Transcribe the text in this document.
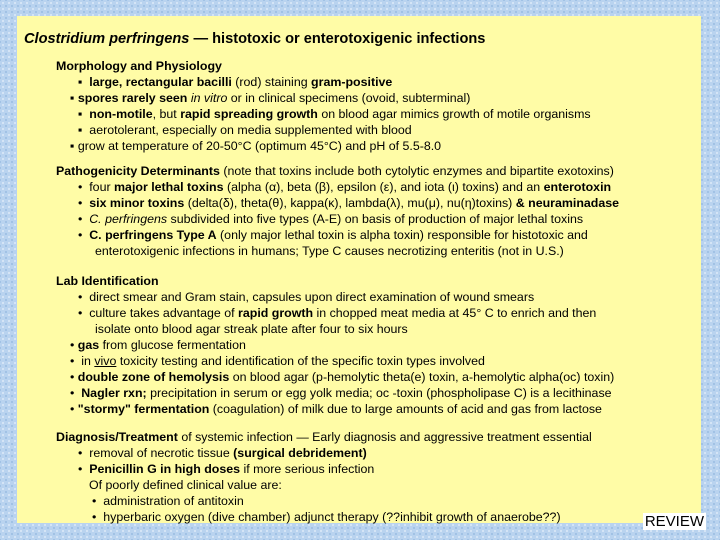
Clostridium perfringens — histotoxic or enterotoxigenic infections
Morphology and Physiology
▪ large, rectangular bacilli (rod) staining gram-positive
▪ spores rarely seen in vitro or in clinical specimens (ovoid, subterminal)
▪ non-motile, but rapid spreading growth on blood agar mimics growth of motile organisms
▪ aerotolerant, especially on media supplemented with blood
▪ grow at temperature of 20-50°C (optimum 45°C) and pH of 5.5-8.0
Pathogenicity Determinants (note that toxins include both cytolytic enzymes and bipartite exotoxins)
• four major lethal toxins (alpha (α), beta (β), epsilon (ε), and iota (ι) toxins) and an enterotoxin
• six minor toxins (delta(δ), theta(θ), kappa(κ), lambda(λ), mu(μ), nu(η)toxins) & neuraminadase
• C. perfringens subdivided into five types (A-E) on basis of production of major lethal toxins
• C. perfringens Type A (only major lethal toxin is alpha toxin) responsible for histotoxic and
enterotoxigenic infections in humans; Type C causes necrotizing enteritis (not in U.S.)
Lab Identification
• direct smear and Gram stain, capsules upon direct examination of wound smears
• culture takes advantage of rapid growth in chopped meat media at 45° C to enrich and then
isolate onto blood agar streak plate after four to six hours
• gas from glucose fermentation
• in vivo toxicity testing and identification of the specific toxin types involved
• double zone of hemolysis on blood agar (p-hemolytic theta(e) toxin, a-hemolytic alpha(oc) toxin)
• Nagler rxn; precipitation in serum or egg yolk media; oc -toxin (phospholipase C) is a lecithinase
• "stormy" fermentation (coagulation) of milk due to large amounts of acid and gas from lactose
Diagnosis/Treatment of systemic infection — Early diagnosis and aggressive treatment essential
• removal of necrotic tissue (surgical debridement)
• Penicillin G in high doses if more serious infection
Of poorly defined clinical value are:
• administration of antitoxin
• hyperbaric oxygen (dive chamber) adjunct therapy (??inhibit growth of anaerobe??)	REVIEW
